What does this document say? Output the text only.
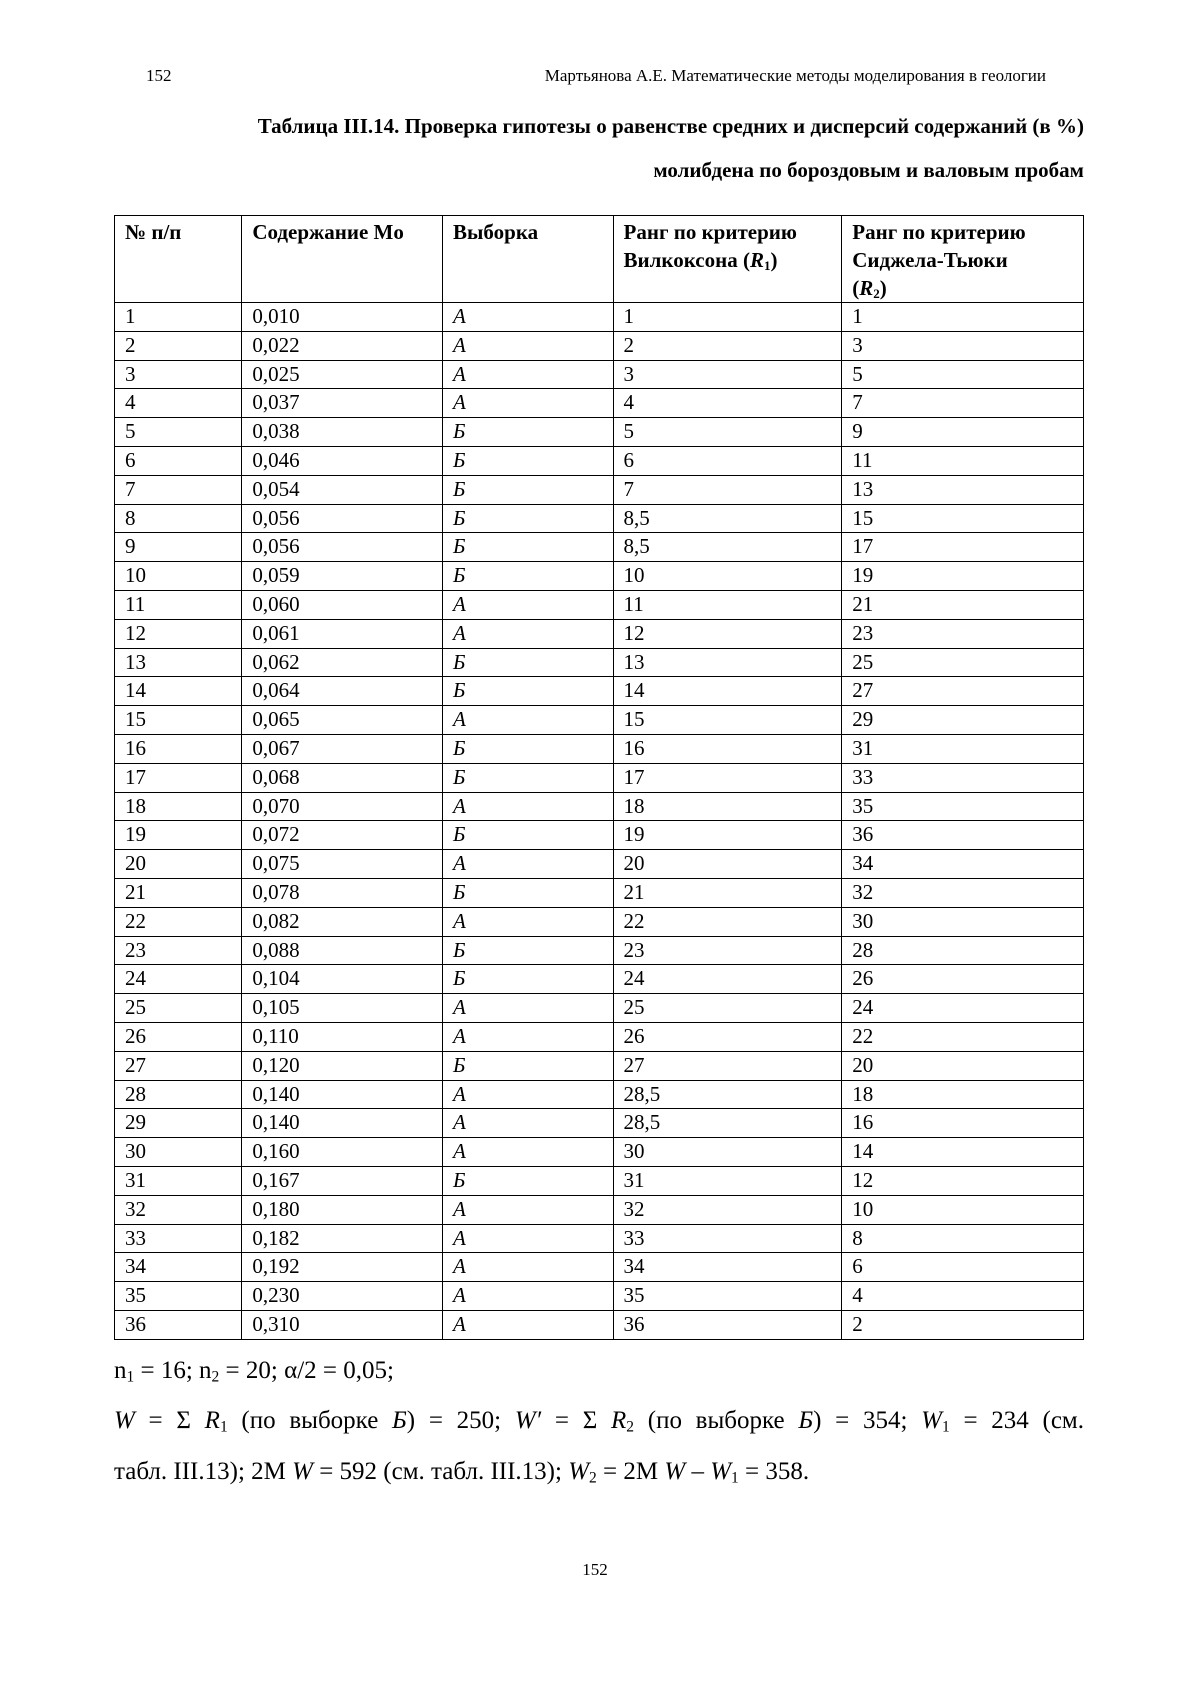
152	Мартьянова А.Е. Математические методы моделирования в геологии
Таблица III.14. Проверка гипотезы о равенстве средних и дисперсий содержаний (в %)
молибдена по бороздовым и валовым пробам
№ п/п	Содержание Mo	Выборка	Ранг по критерию Вилкоксона $(R_1)$	Ранг по критерию Сиджела-Тьюки
$(R_2)$
1	0,010	А	1	1
2	0,022	А	2	3
3	0,025	А	3	5
4	0,037	А	4	7
5	0,038	Б	5	9
6	0,046	Б	6	11
7	0,054	Б	7	13
8	0,056	Б	8,5	15
9	0,056	Б	8,5	17
10	0,059	Б	10	19
11	0,060	А	11	21
12	0,061	А	12	23
13	0,062	Б	13	25
14	0,064	Б	14	27
15	0,065	А	15	29
16	0,067	Б	16	31
17	0,068	Б	17	33
18	0,070	А	18	35
19	0,072	Б	19	36
20	0,075	А	20	34
21	0,078	Б	21	32
22	0,082	А	22	30
23	0,088	Б	23	28
24	0,104	Б	24	26
25	0,105	А	25	24
26	0,110	А	26	22
27	0,120	Б	27	20
28	0,140	А	28,5	18
29	0,140	А	28,5	16
30	0,160	А	30	14
31	0,167	Б	31	12
32	0,180	А	32	10
33	0,182	А	33	8
34	0,192	А	34	6
35	0,230	А	35	4
36	0,310	А	36	2
$n_1 = 16$; $n_2 = 20$; α/2 = 0,05;
W = Σ $R_1$ (по выборке Б) = 250; W′ = Σ $R_2$ (по выборке Б) = 354; $W_1 = 234$ (см.
табл. III.13); 2M W = 592 (см. табл. III.13); $W_2 = 2M$ $W - W_1 = 358$.
152
